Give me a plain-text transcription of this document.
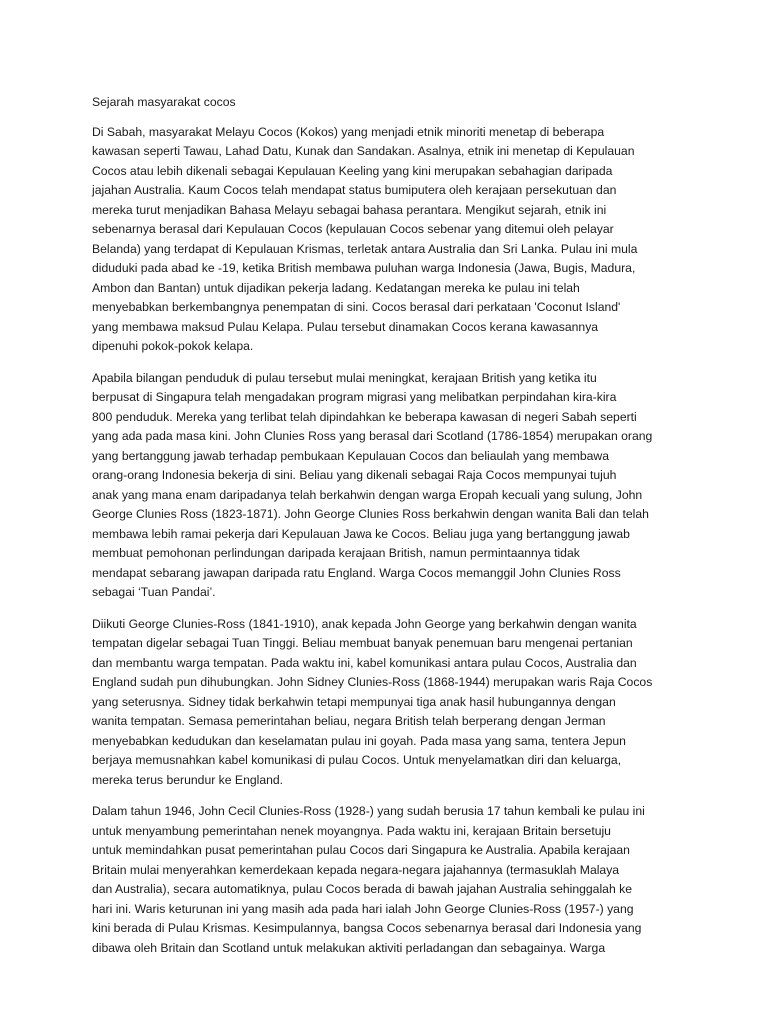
Sejarah masyarakat cocos
Di Sabah, masyarakat Melayu Cocos (Kokos) yang menjadi etnik minoriti menetap di beberapa
kawasan seperti Tawau, Lahad Datu, Kunak dan Sandakan. Asalnya, etnik ini menetap di Kepulauan
Cocos atau lebih dikenali sebagai Kepulauan Keeling yang kini merupakan sebahagian daripada
jajahan Australia. Kaum Cocos telah mendapat status bumiputera oleh kerajaan persekutuan dan
mereka turut menjadikan Bahasa Melayu sebagai bahasa perantara. Mengikut sejarah, etnik ini
sebenarnya berasal dari Kepulauan Cocos (kepulauan Cocos sebenar yang ditemui oleh pelayar
Belanda) yang terdapat di Kepulauan Krismas, terletak antara Australia dan Sri Lanka. Pulau ini mula
diduduki pada abad ke -19, ketika British membawa puluhan warga Indonesia (Jawa, Bugis, Madura,
Ambon dan Bantan) untuk dijadikan pekerja ladang. Kedatangan mereka ke pulau ini telah
menyebabkan berkembangnya penempatan di sini. Cocos berasal dari perkataan 'Coconut Island'
yang membawa maksud Pulau Kelapa. Pulau tersebut dinamakan Cocos kerana kawasannya
dipenuhi pokok-pokok kelapa.
Apabila bilangan penduduk di pulau tersebut mulai meningkat, kerajaan British yang ketika itu
berpusat di Singapura telah mengadakan program migrasi yang melibatkan perpindahan kira-kira
800 penduduk. Mereka yang terlibat telah dipindahkan ke beberapa kawasan di negeri Sabah seperti
yang ada pada masa kini. John Clunies Ross yang berasal dari Scotland (1786-1854) merupakan orang
yang bertanggung jawab terhadap pembukaan Kepulauan Cocos dan beliaulah yang membawa
orang-orang Indonesia bekerja di sini. Beliau yang dikenali sebagai Raja Cocos mempunyai tujuh
anak yang mana enam daripadanya telah berkahwin dengan warga Eropah kecuali yang sulung, John
George Clunies Ross (1823-1871). John George Clunies Ross berkahwin dengan wanita Bali dan telah
membawa lebih ramai pekerja dari Kepulauan Jawa ke Cocos. Beliau juga yang bertanggung jawab
membuat pemohonan perlindungan daripada kerajaan British, namun permintaannya tidak
mendapat sebarang jawapan daripada ratu England. Warga Cocos memanggil John Clunies Ross
sebagai ‘Tuan Pandai’.
Diikuti George Clunies-Ross (1841-1910), anak kepada John George yang berkahwin dengan wanita
tempatan digelar sebagai Tuan Tinggi. Beliau membuat banyak penemuan baru mengenai pertanian
dan membantu warga tempatan. Pada waktu ini, kabel komunikasi antara pulau Cocos, Australia dan
England sudah pun dihubungkan. John Sidney Clunies-Ross (1868-1944) merupakan waris Raja Cocos
yang seterusnya. Sidney tidak berkahwin tetapi mempunyai tiga anak hasil hubungannya dengan
wanita tempatan. Semasa pemerintahan beliau, negara British telah berperang dengan Jerman
menyebabkan kedudukan dan keselamatan pulau ini goyah. Pada masa yang sama, tentera Jepun
berjaya memusnahkan kabel komunikasi di pulau Cocos. Untuk menyelamatkan diri dan keluarga,
mereka terus berundur ke England.
Dalam tahun 1946, John Cecil Clunies-Ross (1928-) yang sudah berusia 17 tahun kembali ke pulau ini
untuk menyambung pemerintahan nenek moyangnya. Pada waktu ini, kerajaan Britain bersetuju
untuk memindahkan pusat pemerintahan pulau Cocos dari Singapura ke Australia. Apabila kerajaan
Britain mulai menyerahkan kemerdekaan kepada negara-negara jajahannya (termasuklah Malaya
dan Australia), secara automatiknya, pulau Cocos berada di bawah jajahan Australia sehinggalah ke
hari ini. Waris keturunan ini yang masih ada pada hari ialah John George Clunies-Ross (1957-) yang
kini berada di Pulau Krismas. Kesimpulannya, bangsa Cocos sebenarnya berasal dari Indonesia yang
dibawa oleh Britain dan Scotland untuk melakukan aktiviti perladangan dan sebagainya. Warga
